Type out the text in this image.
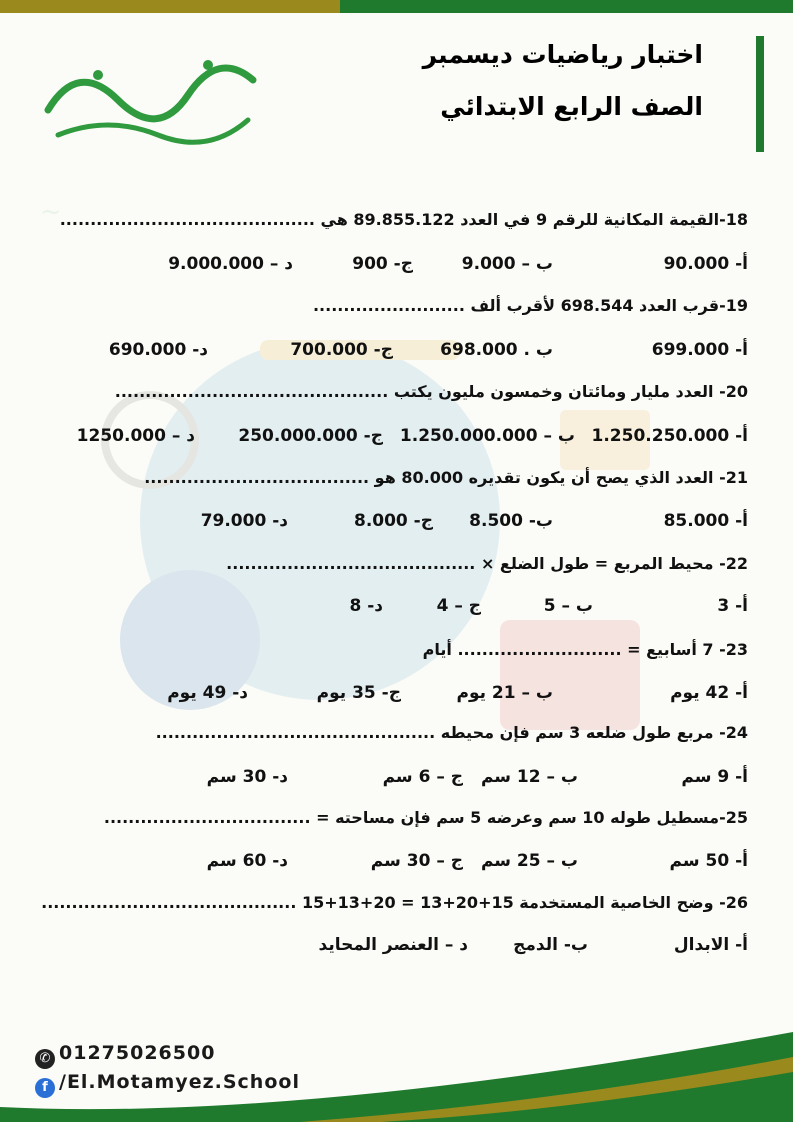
~
اختبار رياضيات ديسمبر
الصف الرابع الابتدائي
18-القيمة المكانية للرقم 9 في العدد 89.855.122 هي ..........................................
19-قرب العدد 698.544 لأقرب ألف .........................
20- العدد مليار ومائتان وخمسون مليون يكتب .............................................
21- العدد الذي يصح أن يكون تقديره 80.000 هو .....................................
22- محيط المربع = طول الضلع × .........................................
23- 7 أسابيع = ........................... أيام
24- مربع طول ضلعه 3 سم فإن محيطه ..............................................
25-مسطيل طوله 10 سم وعرضه 5 سم فإن مساحته = ..................................
26- وضح الخاصية المستخدمة 15+20+13 = 20+13+15 ..........................................
أ- 90.000
ب – 9.000
ج- 900
د – 9.000.000
أ- 699.000
ب . 698.000
ج- 700.000
د- 690.000
أ- 1.250.250.000
ب – 1.250.000.000
ج- 250.000.000
د – 1250.000
أ- 85.000
ب- 8.500
ج- 8.000
د- 79.000
أ- 3
ب – 5
ج – 4
د- 8
أ- 42 يوم
ب – 21 يوم
ج- 35 يوم
د- 49 يوم
أ- 9 سم
ب – 12 سم
ج – 6 سم
د- 30 سم
أ- 50 سم
ب – 25 سم
ج – 30 سم
د- 60 سم
أ- الابدال
ب- الدمج
د – العنصر المحايد
✆ 01275026500
f /El.Motamyez.School
